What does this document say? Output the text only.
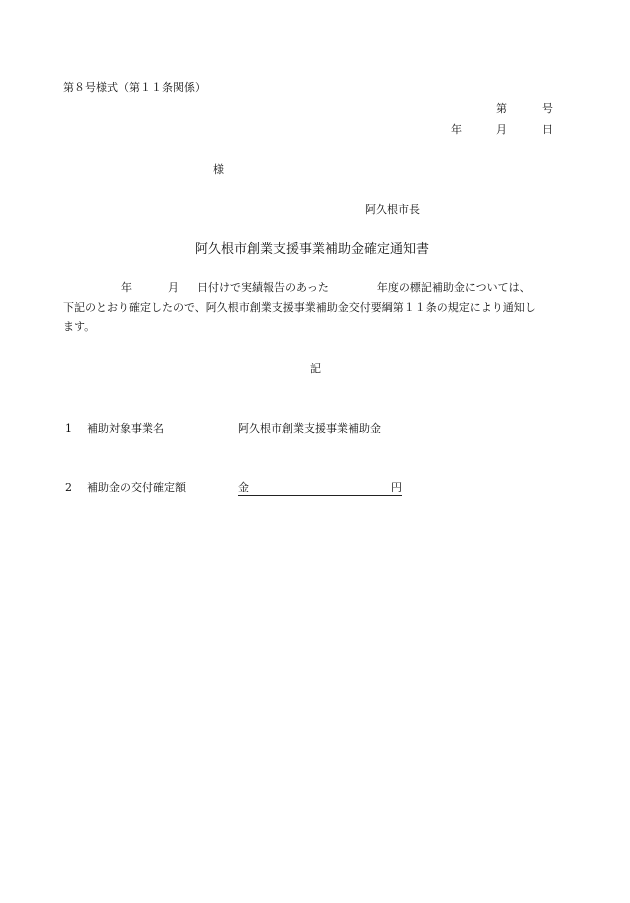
第８号様式（第１１条関係）
第	号
年	月	日
様
阿久根市長
阿久根市創業支援事業補助金確定通知書
年	月 日付けで実績報告のあった	年度の標記補助金については、
下記のとおり確定したので、阿久根市創業支援事業補助金交付要綱第１１条の規定により通知し
ます。
記
1 補助対象事業名	阿久根市創業支援事業補助金
2 補助金の交付確定額	金	円
